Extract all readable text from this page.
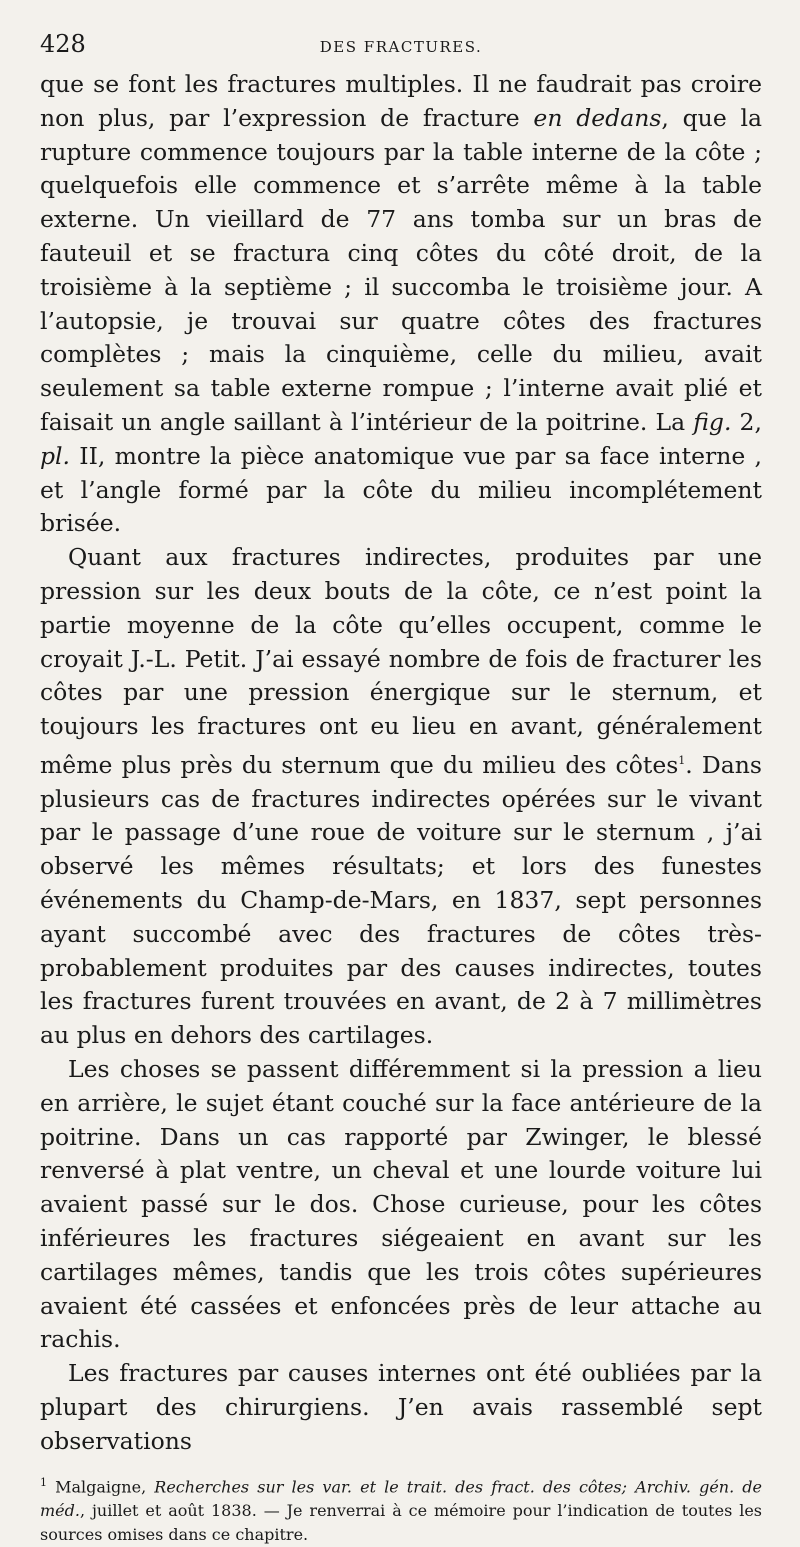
428	DES FRACTURES.

que se font les fractures multiples. Il ne faudrait pas croire non plus, par l’expression de fracture en dedans, que la rupture commence toujours par la table interne de la côte ; quelquefois elle commence et s’arrête même à la table externe. Un vieillard de 77 ans tomba sur un bras de fauteuil et se fractura cinq côtes du côté droit, de la troisième à la septième ; il succomba le troisième jour. A l’autopsie, je trouvai sur quatre côtes des fractures complètes ; mais la cinquième, celle du milieu, avait seulement sa table externe rompue ; l’interne avait plié et faisait un angle saillant à l’intérieur de la poitrine. La fig. 2, pl. II, montre la pièce anatomique vue par sa face interne , et l’angle formé par la côte du milieu incomplétement brisée.

Quant aux fractures indirectes, produites par une pression sur les deux bouts de la côte, ce n’est point la partie moyenne de la côte qu’elles occupent, comme le croyait J.-L. Petit. J’ai essayé nombre de fois de fracturer les côtes par une pression énergique sur le sternum, et toujours les fractures ont eu lieu en avant, généralement même plus près du sternum que du milieu des côtes$^1$. Dans plusieurs cas de fractures indirectes opérées sur le vivant par le passage d’une roue de voiture sur le sternum , j’ai observé les mêmes résultats; et lors des funestes événements du Champ-de-Mars, en 1837, sept personnes ayant succombé avec des fractures de côtes très-probablement produites par des causes indirectes, toutes les fractures furent trouvées en avant, de 2 à 7 millimètres au plus en dehors des cartilages.

Les choses se passent différemment si la pression a lieu en arrière, le sujet étant couché sur la face antérieure de la poitrine. Dans un cas rapporté par Zwinger, le blessé renversé à plat ventre, un cheval et une lourde voiture lui avaient passé sur le dos. Chose curieuse, pour les côtes inférieures les fractures siégeaient en avant sur les cartilages mêmes, tandis que les trois côtes supérieures avaient été cassées et enfoncées près de leur attache au rachis.

Les fractures par causes internes ont été oubliées par la plupart des chirurgiens. J’en avais rassemblé sept observations

$^1$ Malgaigne, Recherches sur les var. et le trait. des fract. des côtes; Archiv. gén. de méd., juillet et août 1838. — Je renverrai à ce mémoire pour l’indication de toutes les sources omises dans ce chapitre.
